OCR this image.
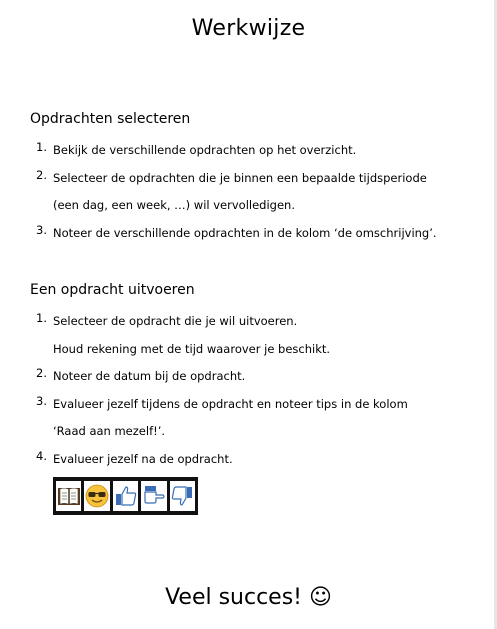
Werkwijze
Opdrachten selecteren
1. Bekijk de verschillende opdrachten op het overzicht.
2. Selecteer de opdrachten die je binnen een bepaalde tijdsperiode
(een dag, een week, …) wil vervolledigen.
3. Noteer de verschillende opdrachten in de kolom ‘de omschrijving’.
Een opdracht uitvoeren
1. Selecteer de opdracht die je wil uitvoeren.
Houd rekening met de tijd waarover je beschikt.
2. Noteer de datum bij de opdracht.
3. Evalueer jezelf tijdens de opdracht en noteer tips in de kolom
‘Raad aan mezelf!’.
4. Evalueer jezelf na de opdracht.
Veel succes! ☺
